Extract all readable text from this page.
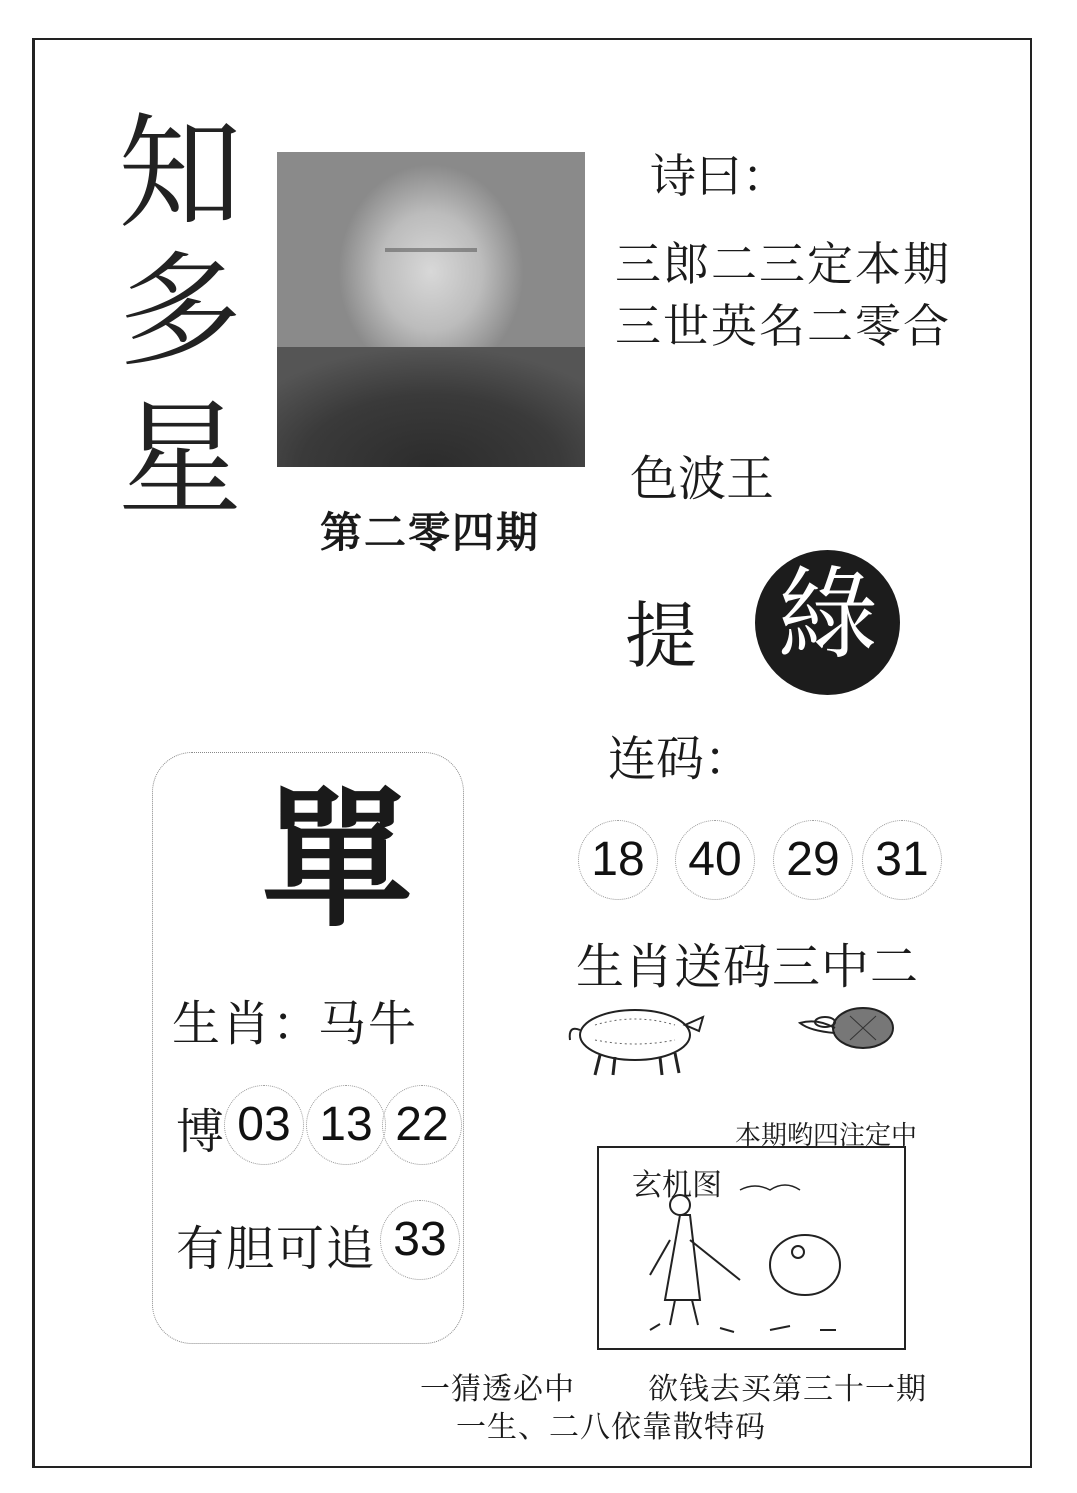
知
多
星
第二零四期
诗曰：
三郎二三定本期
三世英名二零合
色波王
提 綠
连码：
18 40 29 31
生肖送码三中二
本期哟四注定中
玄机图
單
生肖：
马牛
博 03 13 22
有胆可追 33
一猜透必中 欲钱去买第三十一期
一生、二八依靠散特码
